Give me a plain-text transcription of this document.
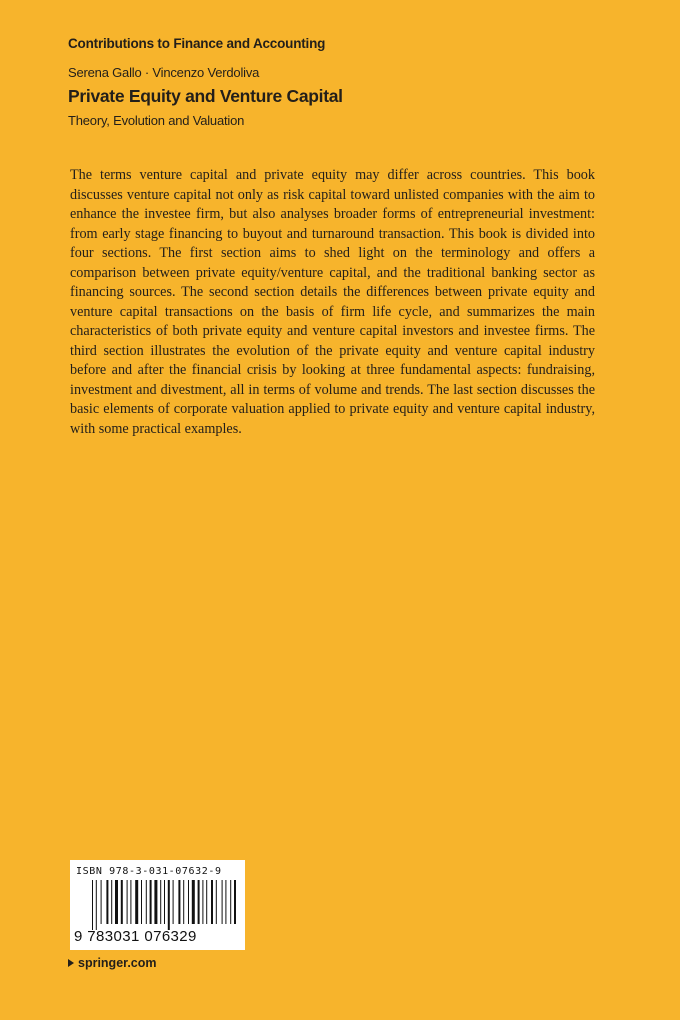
Contributions to Finance and Accounting
Serena Gallo · Vincenzo Verdoliva
Private Equity and Venture Capital
Theory, Evolution and Valuation

The terms venture capital and private equity may differ across countries. This book discusses venture capital not only as risk capital toward unlisted companies with the aim to enhance the investee firm, but also analyses broader forms of entrepreneurial investment: from early stage financing to buyout and turnaround transaction. This book is divided into four sections. The first section aims to shed light on the terminology and offers a comparison between private equity/venture capital, and the traditional banking sector as financing sources. The second section details the differences between private equity and venture capital transactions on the basis of firm life cycle, and summarizes the main characteristics of both private equity and venture capital investors and investee firms. The third section illustrates the evolution of the private equity and venture capital industry before and after the financial crisis by looking at three fundamental aspects: fundraising, investment and divestment, all in terms of volume and trends. The last section discusses the basic elements of corporate valuation applied to private equity and venture capital industry, with some practical examples.

ISBN 978-3-031-07632-9
9 783031 076329
springer.com
